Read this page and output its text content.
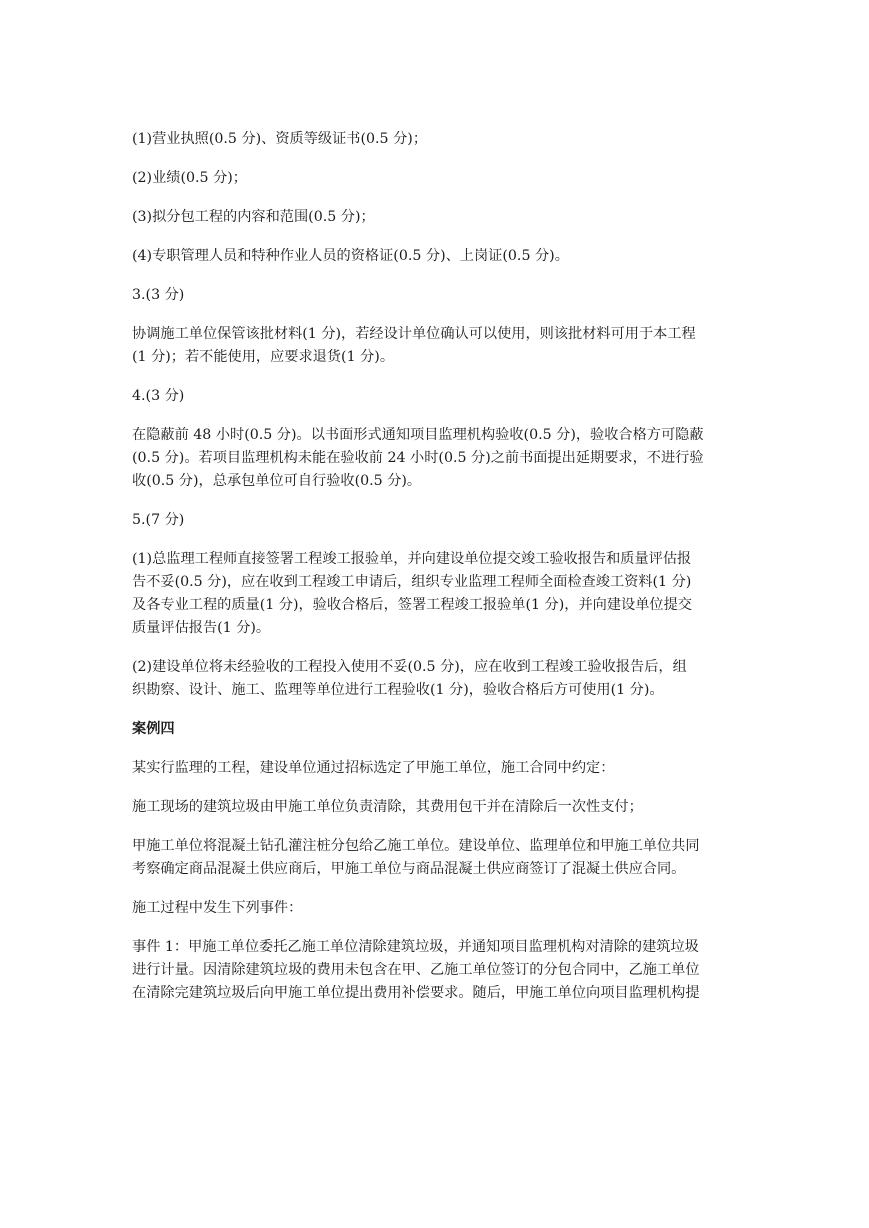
(1)营业执照(0.5 分)、资质等级证书(0.5 分)；
(2)业绩(0.5 分)；
(3)拟分包工程的内容和范围(0.5 分)；
(4)专职管理人员和特种作业人员的资格证(0.5 分)、上岗证(0.5 分)。
3.(3 分)
协调施工单位保管该批材料(1 分)，若经设计单位确认可以使用，则该批材料可用于本工程
(1 分)；若不能使用，应要求退货(1 分)。
4.(3 分)
在隐蔽前 48 小时(0.5 分)。以书面形式通知项目监理机构验收(0.5 分)，验收合格方可隐蔽
(0.5 分)。若项目监理机构未能在验收前 24 小时(0.5 分)之前书面提出延期要求，不进行验
收(0.5 分)，总承包单位可自行验收(0.5 分)。
5.(7 分)
(1)总监理工程师直接签署工程竣工报验单，并向建设单位提交竣工验收报告和质量评估报
告不妥(0.5 分)，应在收到工程竣工申请后，组织专业监理工程师全面检查竣工资料(1 分)
及各专业工程的质量(1 分)，验收合格后，签署工程竣工报验单(1 分)，并向建设单位提交
质量评估报告(1 分)。
(2)建设单位将未经验收的工程投入使用不妥(0.5 分)，应在收到工程竣工验收报告后，组
织勘察、设计、施工、监理等单位进行工程验收(1 分)，验收合格后方可使用(1 分)。
案例四
某实行监理的工程，建设单位通过招标选定了甲施工单位，施工合同中约定：
施工现场的建筑垃圾由甲施工单位负责清除，其费用包干并在清除后一次性支付；
甲施工单位将混凝土钻孔灌注桩分包给乙施工单位。建设单位、监理单位和甲施工单位共同
考察确定商品混凝土供应商后，甲施工单位与商品混凝土供应商签订了混凝土供应合同。
施工过程中发生下列事件：
事件 1：甲施工单位委托乙施工单位清除建筑垃圾，并通知项目监理机构对清除的建筑垃圾
进行计量。因清除建筑垃圾的费用未包含在甲、乙施工单位签订的分包合同中，乙施工单位
在清除完建筑垃圾后向甲施工单位提出费用补偿要求。随后，甲施工单位向项目监理机构提
